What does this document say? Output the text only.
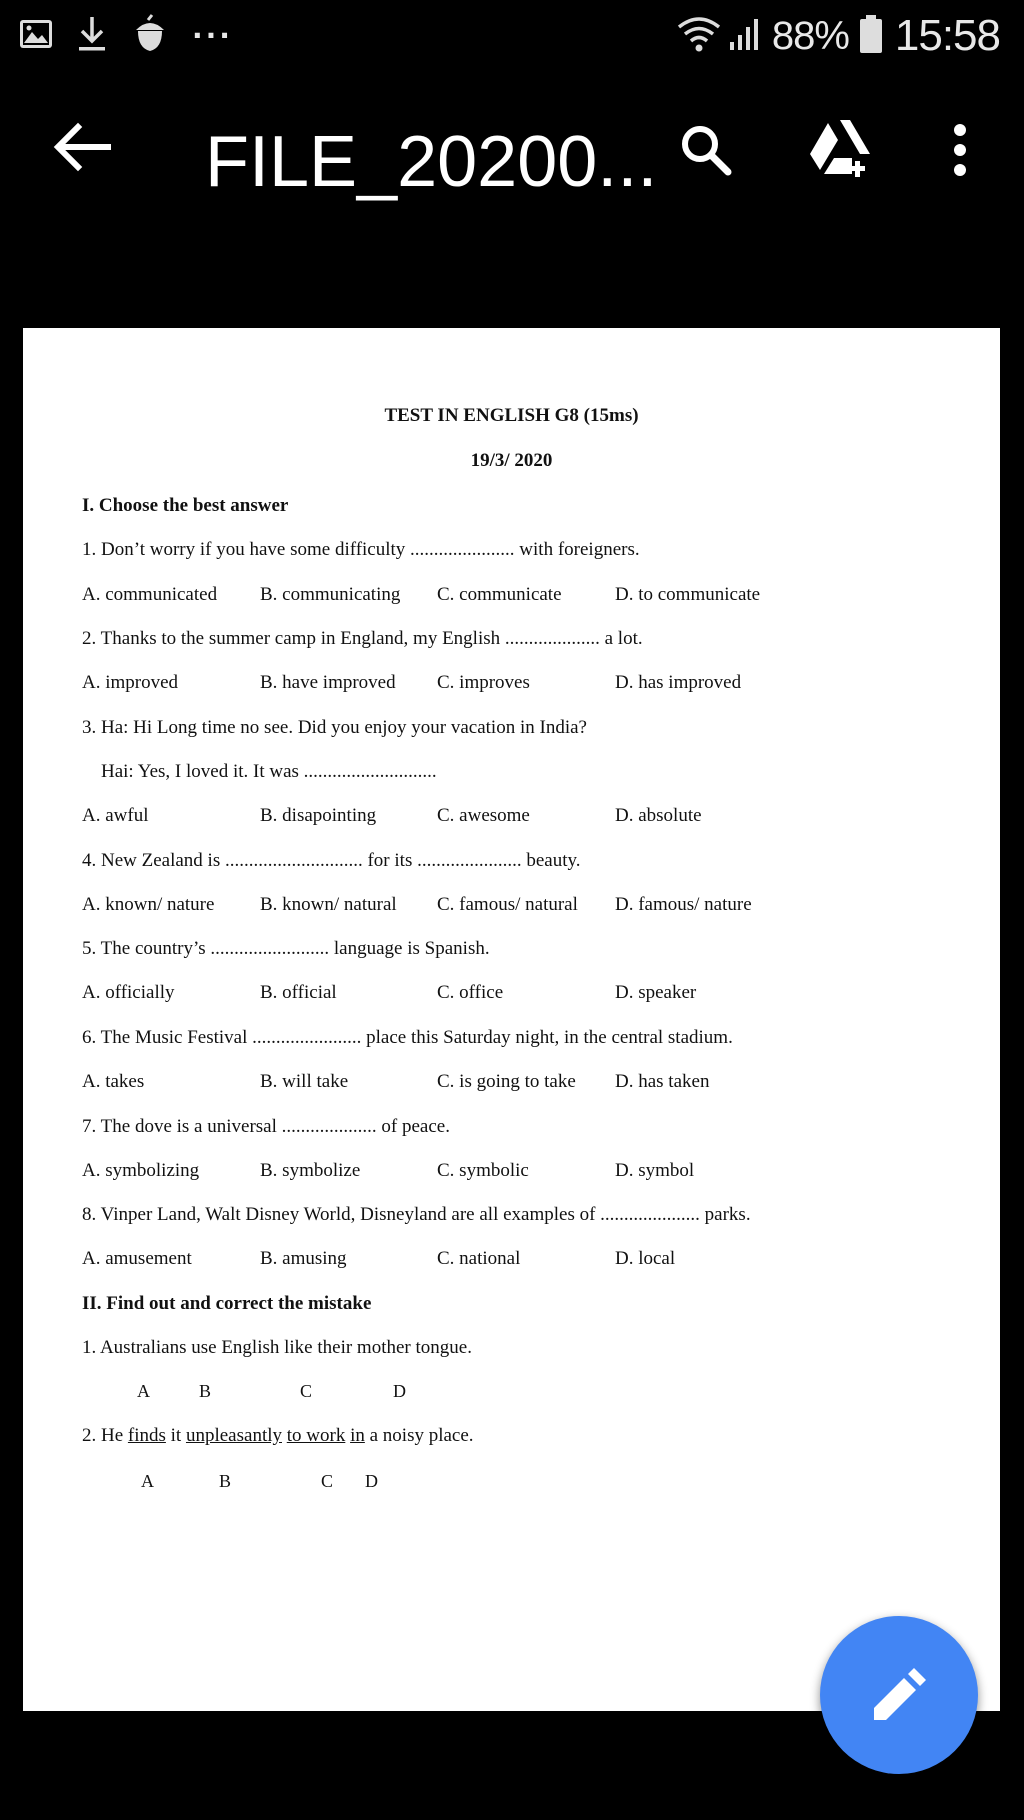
···	88% 15:58
FILE_20200...
TEST IN ENGLISH G8 (15ms)
19/3/ 2020
I. Choose the best answer
1. Don’t worry if you have some difficulty ...................... with foreigners.
A. communicated B. communicating C. communicate	D. to communicate
2. Thanks to the summer camp in England, my English .................... a lot.
A. improved	B. have improved C. improves	D. has improved
3. Ha: Hi Long time no see. Did you enjoy your vacation in India?
Hai: Yes, I loved it. It was ............................
A. awful	B. disapointing	C. awesome	D. absolute
4. New Zealand is ............................. for its ...................... beauty.
A. known/ nature B. known/ natural C. famous/ natural D. famous/ nature
5. The country’s ......................... language is Spanish.
A. officially	B. official	C. office	D. speaker
6. The Music Festival ....................... place this Saturday night, in the central stadium.
A. takes	B. will take	C. is going to take D. has taken
7. The dove is a universal .................... of peace.
A. symbolizing	B. symbolize	C. symbolic	D. symbol
8. Vinper Land, Walt Disney World, Disneyland are all examples of ..................... parks.
A. amusement	B. amusing	C. national	D. local
II. Find out and correct the mistake
1. Australians use English like their mother tongue.
A	B	C	D
2. He finds it unpleasantly to work in a noisy place.
A	B	C D
